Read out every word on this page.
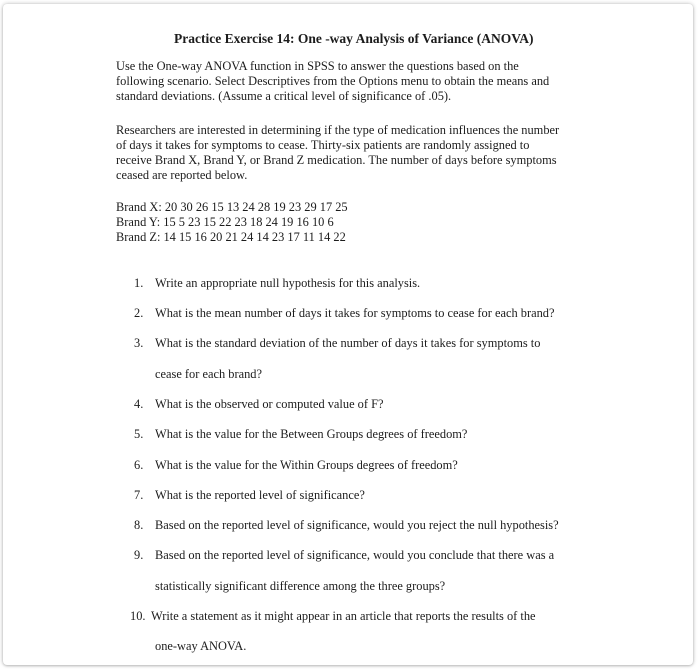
Practice Exercise 14: One -way Analysis of Variance (ANOVA)
Use the One-way ANOVA function in SPSS to answer the questions based on the
following scenario. Select Descriptives from the Options menu to obtain the means and
standard deviations. (Assume a critical level of significance of .05).
Researchers are interested in determining if the type of medication influences the number
of days it takes for symptoms to cease. Thirty-six patients are randomly assigned to
receive Brand X, Brand Y, or Brand Z medication. The number of days before symptoms
ceased are reported below.
Brand X: 20 30 26 15 13 24 28 19 23 29 17 25
Brand Y: 15 5 23 15 22 23 18 24 19 16 10 6
Brand Z: 14 15 16 20 21 24 14 23 17 11 14 22
1. Write an appropriate null hypothesis for this analysis.
2. What is the mean number of days it takes for symptoms to cease for each brand?
3. What is the standard deviation of the number of days it takes for symptoms to
cease for each brand?
4. What is the observed or computed value of F?
5. What is the value for the Between Groups degrees of freedom?
6. What is the value for the Within Groups degrees of freedom?
7. What is the reported level of significance?
8. Based on the reported level of significance, would you reject the null hypothesis?
9. Based on the reported level of significance, would you conclude that there was a
statistically significant difference among the three groups?
10. Write a statement as it might appear in an article that reports the results of the
one-way ANOVA.
